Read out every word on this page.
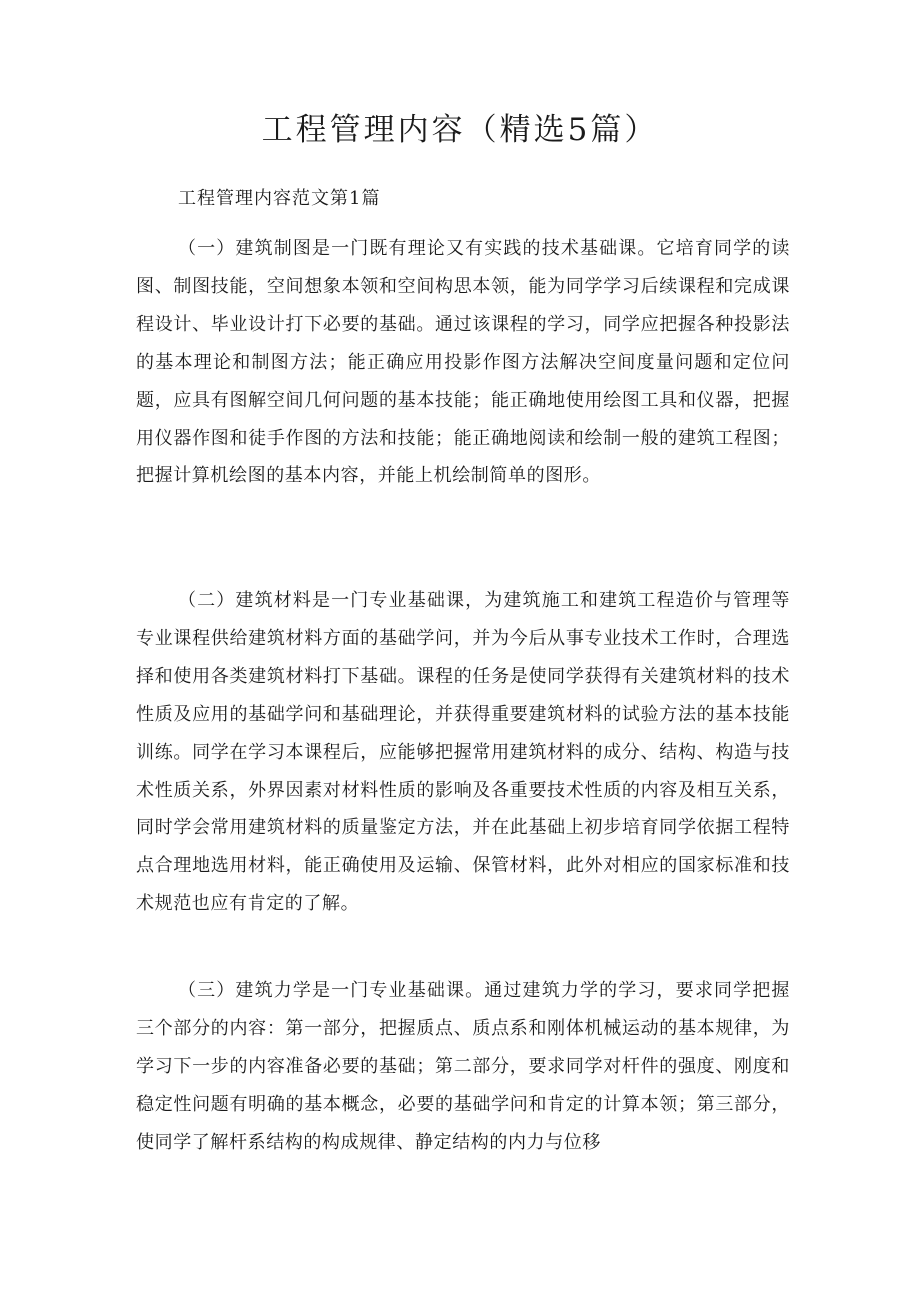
工程管理内容（精选5篇）

工程管理内容范文第1篇

（一）建筑制图是一门既有理论又有实践的技术基础课。它培育同学的读图、制图技能，空间想象本领和空间构思本领，能为同学学习后续课程和完成课程设计、毕业设计打下必要的基础。通过该课程的学习，同学应把握各种投影法的基本理论和制图方法；能正确应用投影作图方法解决空间度量问题和定位问题，应具有图解空间几何问题的基本技能；能正确地使用绘图工具和仪器，把握用仪器作图和徒手作图的方法和技能；能正确地阅读和绘制一般的建筑工程图；把握计算机绘图的基本内容，并能上机绘制简单的图形。

（二）建筑材料是一门专业基础课，为建筑施工和建筑工程造价与管理等专业课程供给建筑材料方面的基础学问，并为今后从事专业技术工作时，合理选择和使用各类建筑材料打下基础。课程的任务是使同学获得有关建筑材料的技术性质及应用的基础学问和基础理论，并获得重要建筑材料的试验方法的基本技能训练。同学在学习本课程后，应能够把握常用建筑材料的成分、结构、构造与技术性质关系，外界因素对材料性质的影响及各重要技术性质的内容及相互关系，同时学会常用建筑材料的质量鉴定方法，并在此基础上初步培育同学依据工程特点合理地选用材料，能正确使用及运输、保管材料，此外对相应的国家标准和技术规范也应有肯定的了解。

（三）建筑力学是一门专业基础课。通过建筑力学的学习，要求同学把握三个部分的内容：第一部分，把握质点、质点系和刚体机械运动的基本规律，为学习下一步的内容准备必要的基础；第二部分，要求同学对杆件的强度、刚度和稳定性问题有明确的基本概念，必要的基础学问和肯定的计算本领；第三部分，使同学了解杆系结构的构成规律、静定结构的内力与位移
